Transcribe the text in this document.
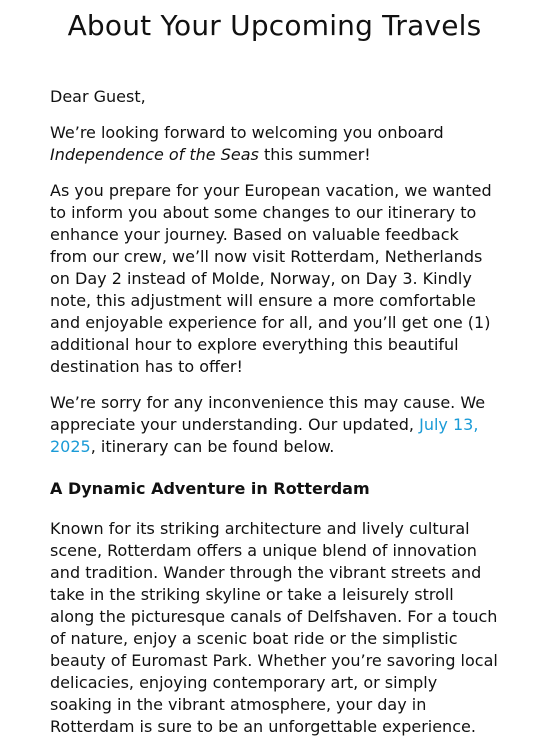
About Your Upcoming Travels

Dear Guest,

We’re looking forward to welcoming you onboard
Independence of the Seas this summer!

As you prepare for your European vacation, we wanted
to inform you about some changes to our itinerary to
enhance your journey. Based on valuable feedback
from our crew, we’ll now visit Rotterdam, Netherlands
on Day 2 instead of Molde, Norway, on Day 3. Kindly
note, this adjustment will ensure a more comfortable
and enjoyable experience for all, and you’ll get one (1)
additional hour to explore everything this beautiful
destination has to offer!

We’re sorry for any inconvenience this may cause. We
appreciate your understanding. Our updated, July 13,
2025, itinerary can be found below.

A Dynamic Adventure in Rotterdam

Known for its striking architecture and lively cultural
scene, Rotterdam offers a unique blend of innovation
and tradition. Wander through the vibrant streets and
take in the striking skyline or take a leisurely stroll
along the picturesque canals of Delfshaven. For a touch
of nature, enjoy a scenic boat ride or the simplistic
beauty of Euromast Park. Whether you’re savoring local
delicacies, enjoying contemporary art, or simply
soaking in the vibrant atmosphere, your day in
Rotterdam is sure to be an unforgettable experience.
